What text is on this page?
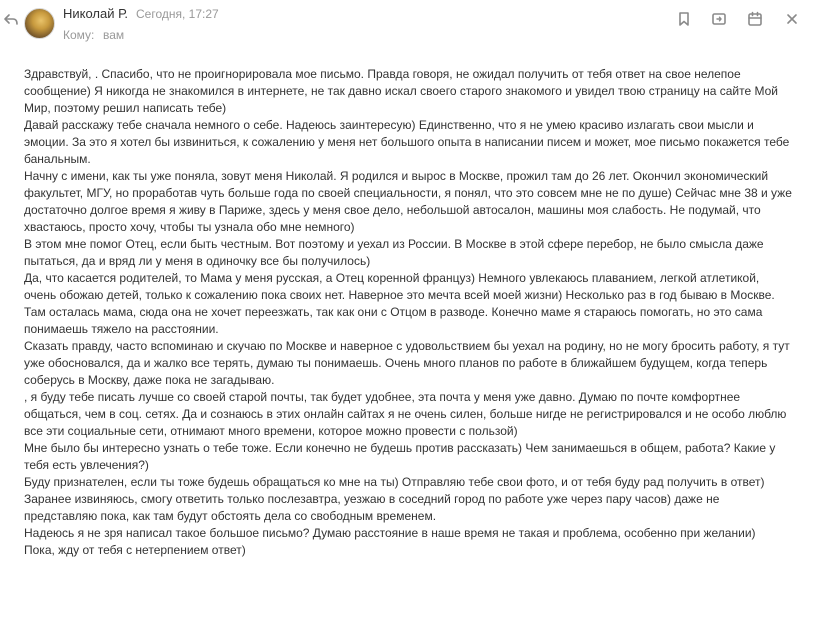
Николай Р. Сегодня, 17:27
Кому: вам

Здравствуй, . Спасибо, что не проигнорировала мое письмо. Правда говоря, не ожидал получить от тебя ответ на свое нелепое сообщение) Я никогда не знакомился в интернете, не так давно искал своего старого знакомого и увидел твою страницу на сайте Мой Мир, поэтому решил написать тебе)

Давай расскажу тебе сначала немного о себе. Надеюсь заинтересую) Единственно, что я не умею красиво излагать свои мысли и эмоции. За это я хотел бы извиниться, к сожалению у меня нет большого опыта в написании писем и может, мое письмо покажется тебе банальным.

Начну с имени, как ты уже поняла, зовут меня Николай. Я родился и вырос в Москве, прожил там до 26 лет. Окончил экономический факультет, МГУ, но проработав чуть больше года по своей специальности, я понял, что это совсем мне не по душе) Сейчас мне 38 и уже достаточно долгое время я живу в Париже, здесь у меня свое дело, небольшой автосалон, машины моя слабость. Не подумай, что хвастаюсь, просто хочу, чтобы ты узнала обо мне немного)

В этом мне помог Отец, если быть честным. Вот поэтому и уехал из России. В Москве в этой сфере перебор, не было смысла даже пытаться, да и вряд ли у меня в одиночку все бы получилось)

Да, что касается родителей, то Мама у меня русская, а Отец коренной француз) Немного увлекаюсь плаванием, легкой атлетикой, очень обожаю детей, только к сожалению пока своих нет. Наверное это мечта всей моей жизни) Несколько раз в год бываю в Москве. Там осталась мама, сюда она не хочет переезжать, так как они с Отцом в разводе. Конечно маме я стараюсь помогать, но это сама понимаешь тяжело на расстоянии.

Сказать правду, часто вспоминаю и скучаю по Москве и наверное с удовольствием бы уехал на родину, но не могу бросить работу, я тут уже обосновался, да и жалко все терять, думаю ты понимаешь. Очень много планов по работе в ближайшем будущем, когда теперь соберусь в Москву, даже пока не загадываю.

, я буду тебе писать лучше со своей старой почты, так будет удобнее, эта почта у меня уже давно. Думаю по почте комфортнее общаться, чем в соц. сетях. Да и сознаюсь в этих онлайн сайтах я не очень силен, больше нигде не регистрировался и не особо люблю все эти социальные сети, отнимают много времени, которое можно провести с пользой)

Мне было бы интересно узнать о тебе тоже. Если конечно не будешь против рассказать) Чем занимаешься в общем, работа? Какие у тебя есть увлечения?)

Буду признателен, если ты тоже будешь обращаться ко мне на ты) Отправляю тебе свои фото, и от тебя буду рад получить в ответ)

Заранее извиняюсь, смогу ответить только послезавтра, уезжаю в соседний город по работе уже через пару часов) даже не представляю пока, как там будут обстоять дела со свободным временем.

Надеюсь я не зря написал такое большое письмо? Думаю расстояние в наше время не такая и проблема, особенно при желании)

Пока, жду от тебя с нетерпением ответ)
